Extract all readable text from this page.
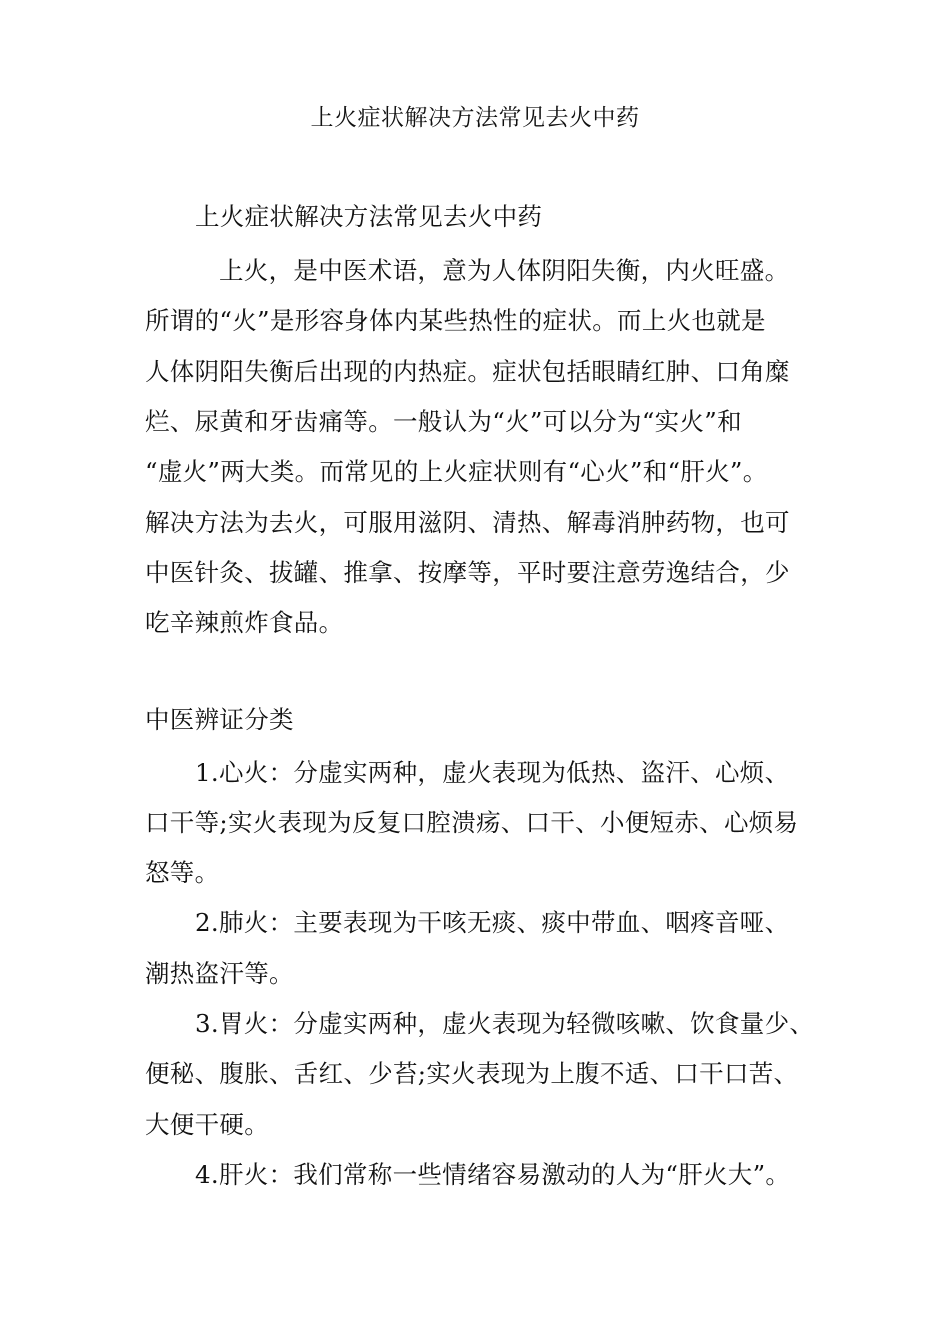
上火症状解决方法常见去火中药
上火症状解决方法常见去火中药
上火，是中医术语，意为人体阴阳失衡，内火旺盛。
所谓的“火”是形容身体内某些热性的症状。而上火也就是
人体阴阳失衡后出现的内热症。症状包括眼睛红肿、口角糜
烂、尿黄和牙齿痛等。一般认为“火”可以分为“实火”和
“虚火”两大类。而常见的上火症状则有“心火”和“肝火”。
解决方法为去火，可服用滋阴、清热、解毒消肿药物，也可
中医针灸、拔罐、推拿、按摩等，平时要注意劳逸结合，少
吃辛辣煎炸食品。
中医辨证分类
1.心火：分虚实两种，虚火表现为低热、盗汗、心烦、
口干等;实火表现为反复口腔溃疡、口干、小便短赤、心烦易
怒等。
2.肺火：主要表现为干咳无痰、痰中带血、咽疼音哑、
潮热盗汗等。
3.胃火：分虚实两种，虚火表现为轻微咳嗽、饮食量少、
便秘、腹胀、舌红、少苔;实火表现为上腹不适、口干口苦、
大便干硬。
4.肝火：我们常称一些情绪容易激动的人为“肝火大”。
